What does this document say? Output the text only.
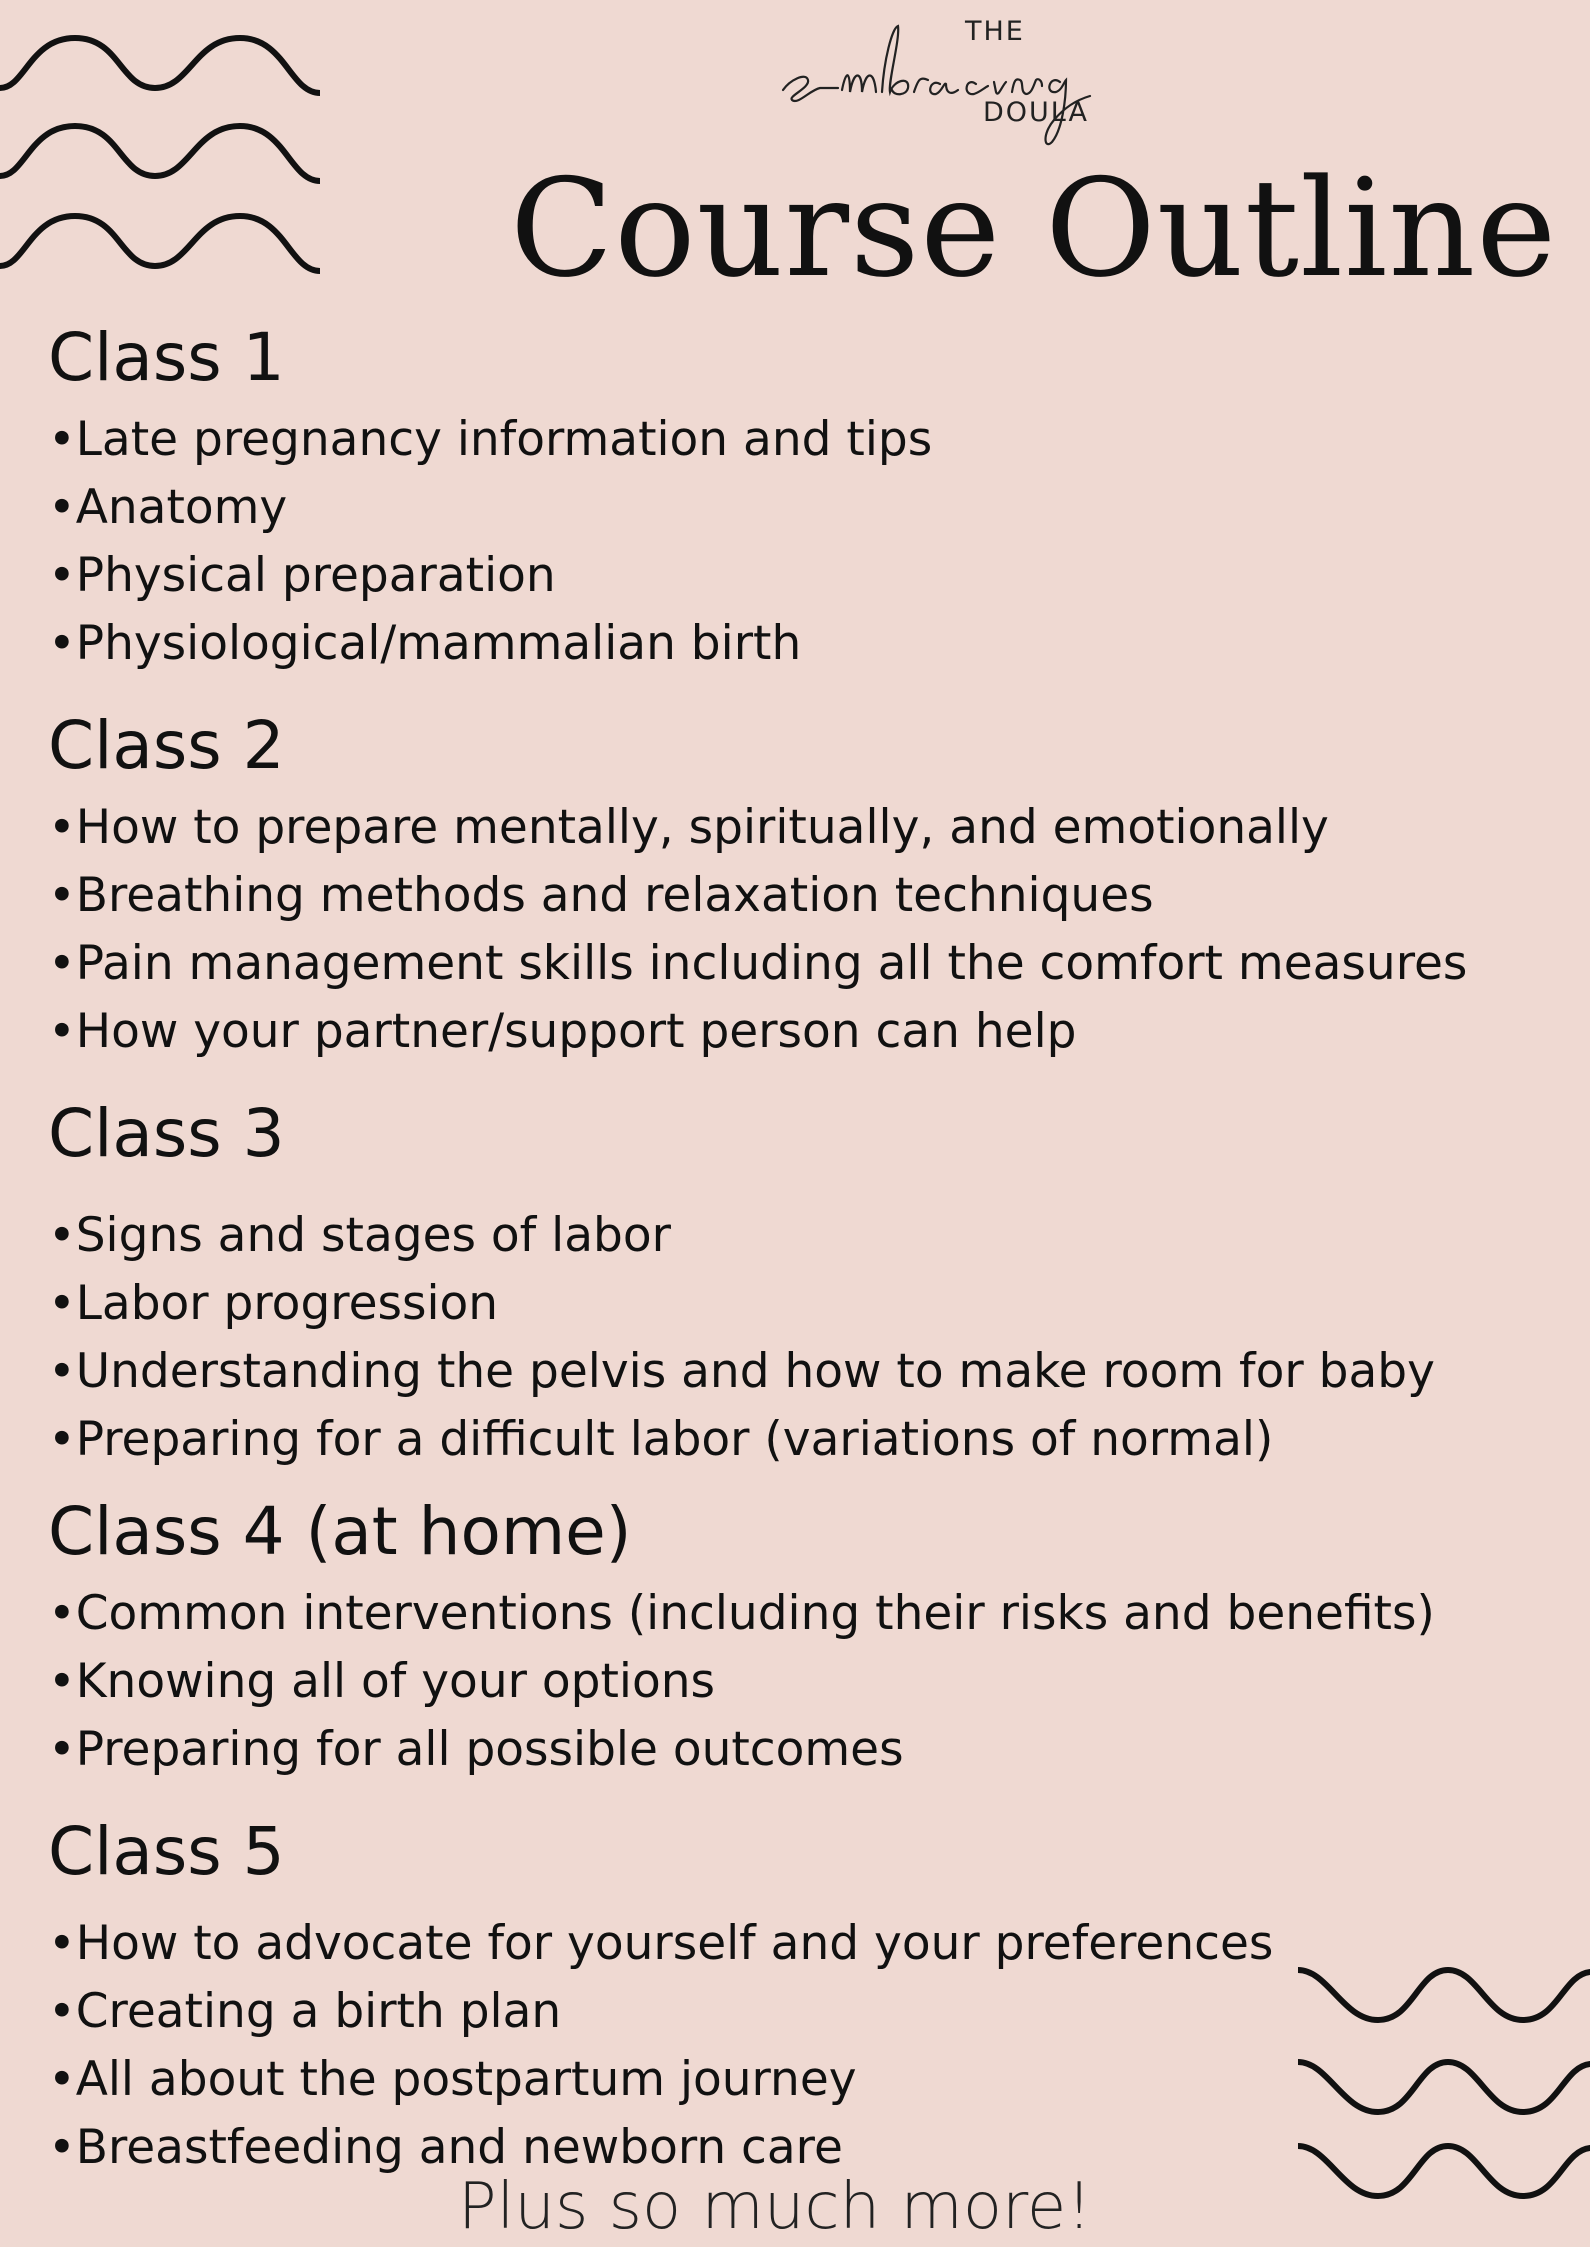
THE
DOULA
Course Outline
Class 1
•Late pregnancy information and tips
•Anatomy
•Physical preparation
•Physiological/mammalian birth
Class 2
•How to prepare mentally, spiritually, and emotionally
•Breathing methods and relaxation techniques
•Pain management skills including all the comfort measures
•How your partner/support person can help
Class 3
•Signs and stages of labor
•Labor progression
•Understanding the pelvis and how to make room for baby
•Preparing for a difficult labor (variations of normal)
Class 4 (at home)
•Common interventions (including their risks and benefits)
•Knowing all of your options
•Preparing for all possible outcomes
Class 5
•How to advocate for yourself and your preferences
•Creating a birth plan
•All about the postpartum journey
•Breastfeeding and newborn care
Plus so much more!
